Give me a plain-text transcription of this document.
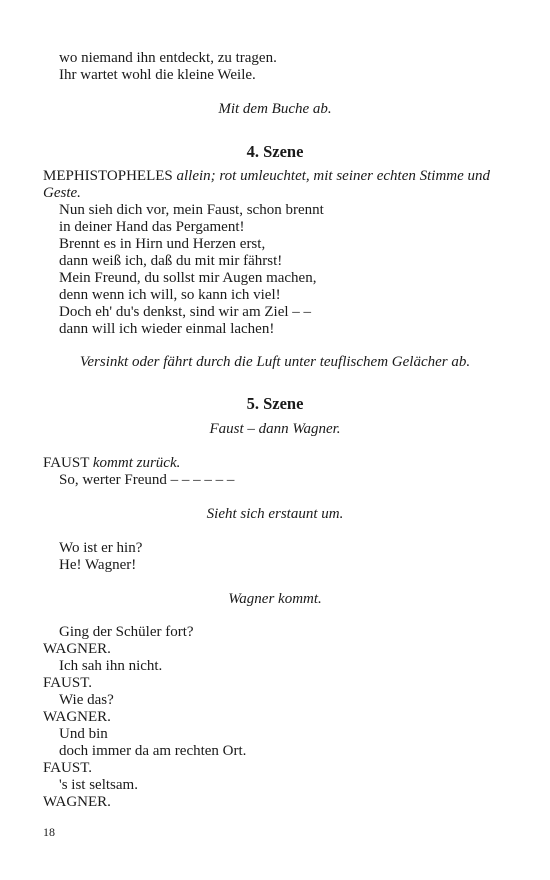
wo niemand ihn entdeckt, zu tragen.
Ihr wartet wohl die kleine Weile.
Mit dem Buche ab.
4. Szene
MEPHISTOPHELES allein; rot umleuchtet, mit seiner echten Stimme und
Geste.
Nun sieh dich vor, mein Faust, schon brennt
in deiner Hand das Pergament!
Brennt es in Hirn und Herzen erst,
dann weiß ich, daß du mit mir fährst!
Mein Freund, du sollst mir Augen machen,
denn wenn ich will, so kann ich viel!
Doch eh' du's denkst, sind wir am Ziel – –
dann will ich wieder einmal lachen!
Versinkt oder fährt durch die Luft unter teuflischem Gelächer ab.
5. Szene
Faust – dann Wagner.
FAUST kommt zurück.
So, werter Freund – – – – – –
Sieht sich erstaunt um.
Wo ist er hin?
He! Wagner!
Wagner kommt.
Ging der Schüler fort?
WAGNER.
Ich sah ihn nicht.
FAUST.
Wie das?
WAGNER.
Und bin
doch immer da am rechten Ort.
FAUST.
's ist seltsam.
WAGNER.
18
